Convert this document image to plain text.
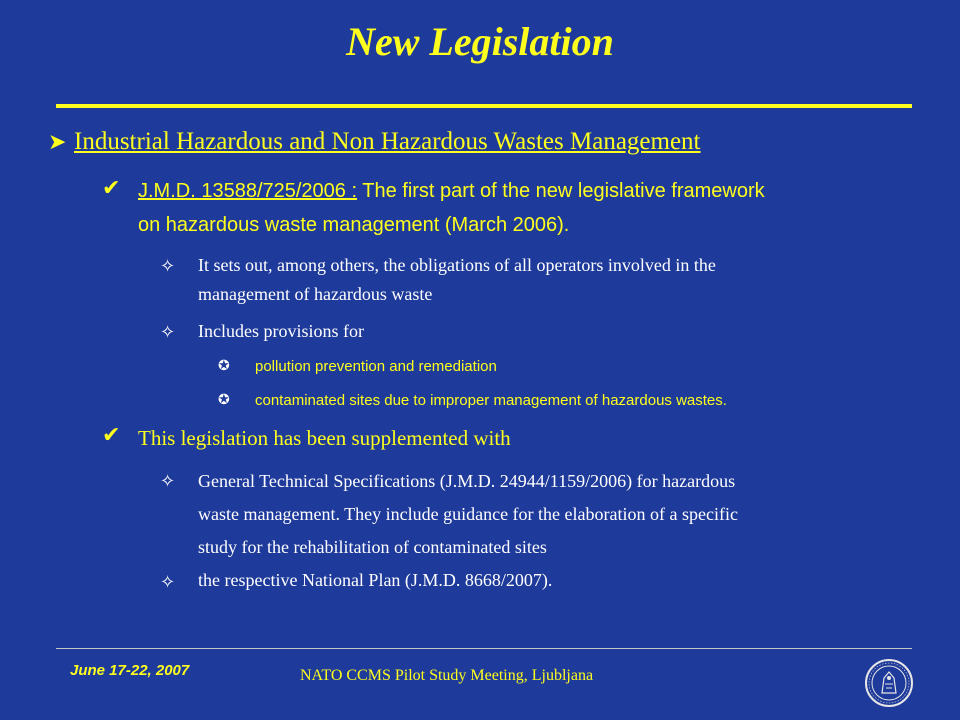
New Legislation
➤ Industrial Hazardous and Non Hazardous Wastes Management
✔ J.M.D. 13588/725/2006 : The first part of the new legislative framework
on hazardous waste management (March 2006).
✧ It sets out, among others, the obligations of all operators involved in the
management of hazardous waste
✧ Includes provisions for
✪ pollution prevention and remediation
✪ contaminated sites due to improper management of hazardous wastes.
✔ This legislation has been supplemented with
✧ General Technical Specifications (J.M.D. 24944/1159/2006) for hazardous
waste management. They include guidance for the elaboration of a specific
study for the rehabilitation of contaminated sites
✧ the respective National Plan (J.M.D. 8668/2007).
June 17-22, 2007	NATO CCMS Pilot Study Meeting, Ljubljana
